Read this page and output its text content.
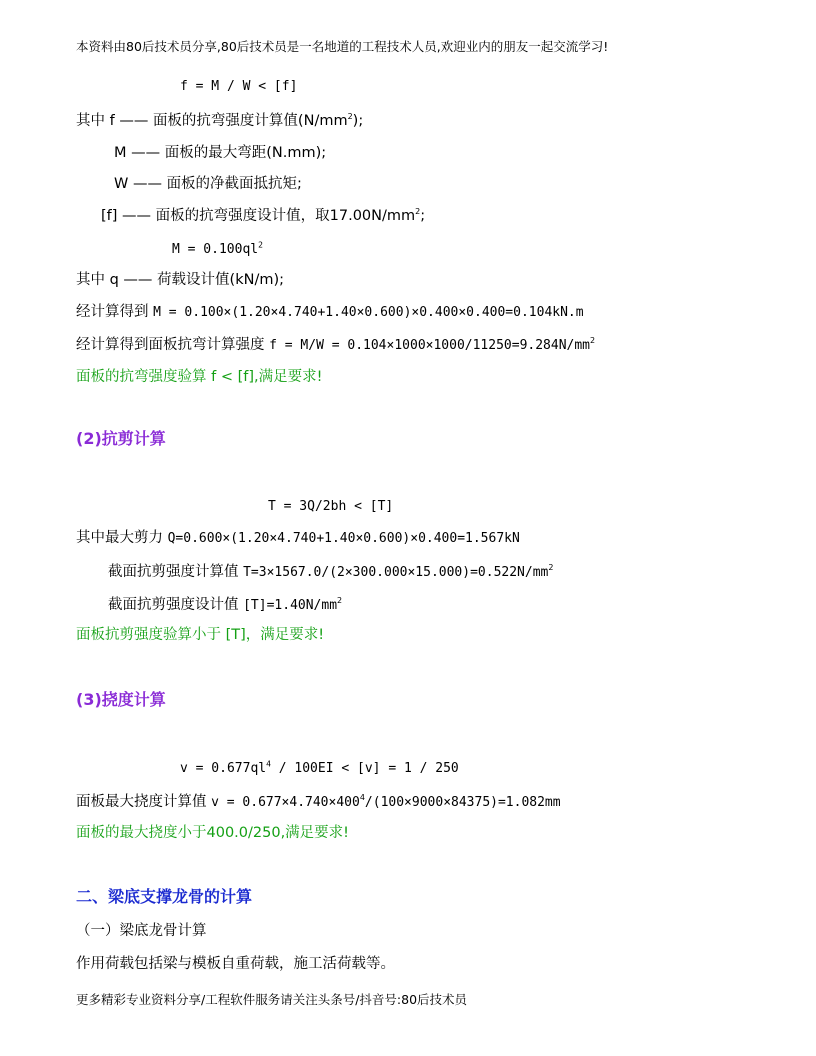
本资料由80后技术员分享,80后技术员是一名地道的工程技术人员,欢迎业内的朋友一起交流学习!
f = M / W < [f]
其中 f —— 面板的抗弯强度计算值$(N/mm^2)$;
M —— 面板的最大弯距(N.mm);
W —— 面板的净截面抵抗矩;
[f] —— 面板的抗弯强度设计值，取$17.00N/mm^2$;
$M = 0.100ql^2$
其中 q —— 荷载设计值(kN/m);
经计算得到 M = 0.100×(1.20×4.740+1.40×0.600)×0.400×0.400=0.104kN.m
经计算得到面板抗弯计算强度 $f = M/W = 0.104\times 1000\times 1000/11250=9.284N/mm^2$
面板的抗弯强度验算 f < [f],满足要求!
(2)抗剪计算
T = 3Q/2bh < [T]
其中最大剪力 Q=0.600×(1.20×4.740+1.40×0.600)×0.400=1.567kN
截面抗剪强度计算值 $T=3\times 1567.0/(2\times 300.000\times 15.000)=0.522N/mm^2$
截面抗剪强度设计值 $[T]=1.40N/mm^2$
面板抗剪强度验算小于 [T]，满足要求!
(3)挠度计算
$v = 0.677ql^4 / 100EI < [v] = 1 / 250$
面板最大挠度计算值 $v = 0.677\times 4.740\times 400^4/(100\times 9000\times 84375)=1.082mm$
面板的最大挠度小于400.0/250,满足要求!
二、梁底支撑龙骨的计算
（一）梁底龙骨计算
作用荷载包括梁与模板自重荷载，施工活荷载等。
更多精彩专业资料分享/工程软件服务请关注头条号/抖音号:80后技术员
